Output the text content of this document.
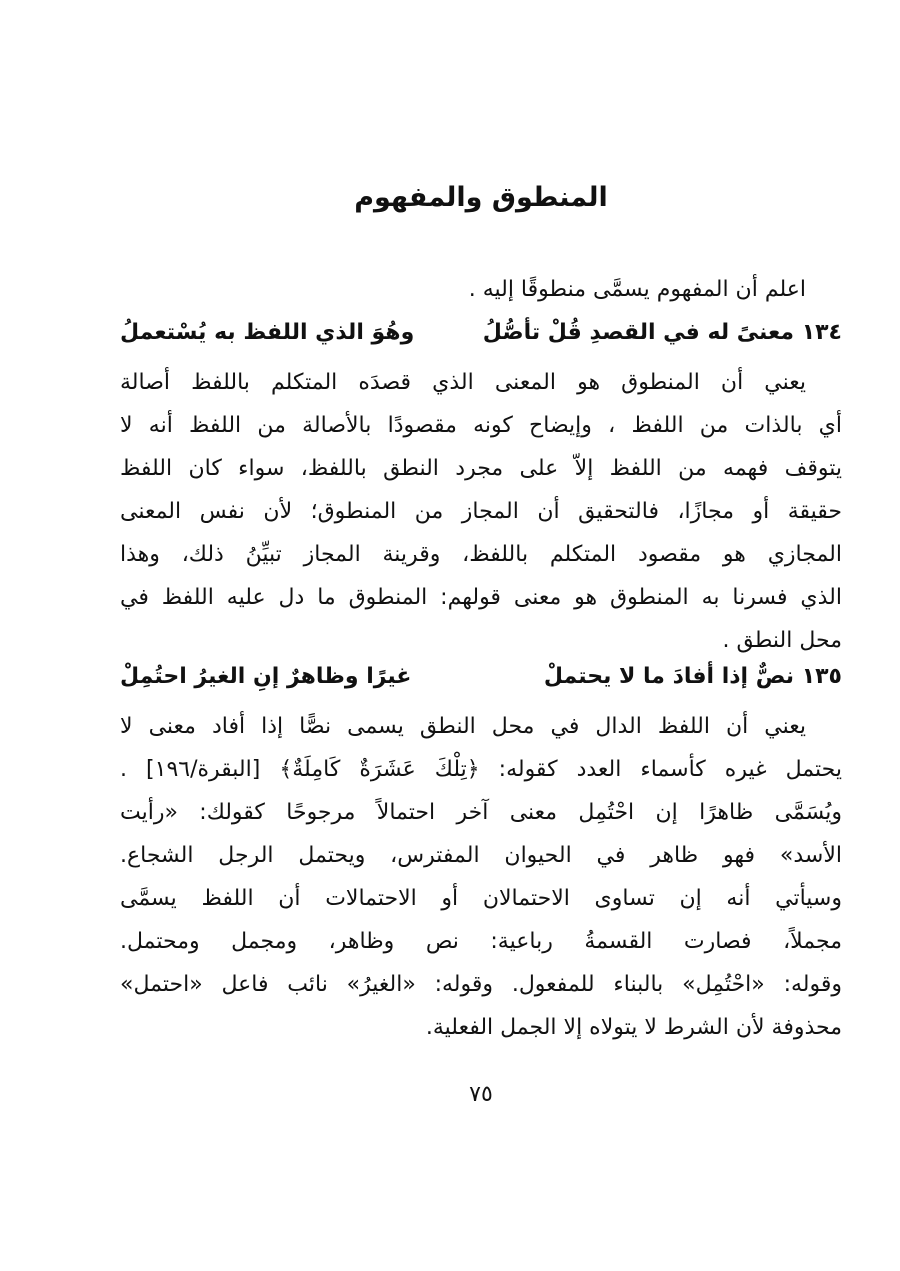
المنطوق والمفهوم
اعلم أن المفهوم يسمَّى منطوقًا إليه .
١٣٤ معنىً له في القصدِ قُلْ تأصُّلُ
وهُوَ الذي اللفظ به يُسْتعملُ
يعني أن المنطوق هو المعنى الذي قصدَه المتكلم باللفظ أصالة
أي بالذات من اللفظ ، وإيضاح كونه مقصودًا بالأصالة من اللفظ أنه لا
يتوقف فهمه من اللفظ إلاّ على مجرد النطق باللفظ، سواء كان اللفظ
حقيقة أو مجازًا، فالتحقيق أن المجاز من المنطوق؛ لأن نفس المعنى
المجازي هو مقصود المتكلم باللفظ، وقرينة المجاز تبيِّنُ ذلك، وهذا
الذي فسرنا به المنطوق هو معنى قولهم: المنطوق ما دل عليه اللفظ في
محل النطق .
١٣٥ نصٌّ إذا أفادَ ما لا يحتملْ
غيرًا وظاهرٌ إنِ الغيرُ احتُمِلْ
يعني أن اللفظ الدال في محل النطق يسمى نصًّا إذا أفاد معنى لا
يحتمل غيره كأسماء العدد كقوله: ﴿تِلْكَ عَشَرَةٌ كَامِلَةٌ﴾ [البقرة/١٩٦] .
ويُسَمَّى ظاهرًا إن احْتُمِل معنى آخر احتمالاً مرجوحًا كقولك: «رأيت
الأسد» فهو ظاهر في الحيوان المفترس، ويحتمل الرجل الشجاع.
وسيأتي أنه إن تساوى الاحتمالان أو الاحتمالات أن اللفظ يسمَّى
مجملاً، فصارت القسمةُ رباعية: نص وظاهر، ومجمل ومحتمل.
وقوله: «احْتُمِل» بالبناء للمفعول. وقوله: «الغيرُ» نائب فاعل «احتمل»
محذوفة لأن الشرط لا يتولاه إلا الجمل الفعلية.
٧٥
